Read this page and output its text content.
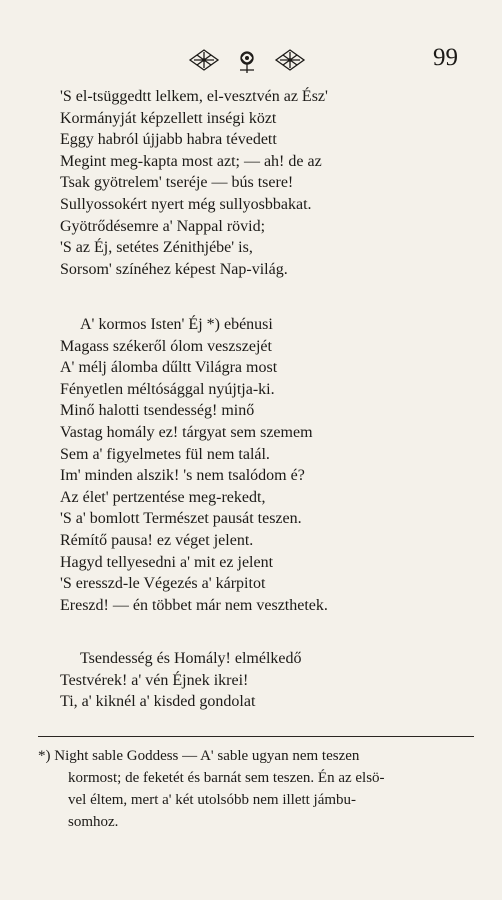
99
'S el-tsüggedtt lelkem, el-vesztvén az Ész'
Kormányját képzellett inségi közt
Eggy habról újjabb habra tévedett
Megint meg-kapta most azt; — ah! de az
Tsak gyötrelem' tseréje — bús tsere!
Sullyossokért nyert még sullyosbbakat.
Gyötrődésemre a' Nappal rövid;
'S az Éj, setétes Zénithjébe' is,
Sorsom' színéhez képest Nap-világ.
A' kormos Isten' Éj *) ebénusi
Magass székeről ólom veszszejét
A' mélj álomba dűltt Világra most
Fényetlen méltósággal nyújtja-ki.
Minő halotti tsendesség! minő
Vastag homály ez! tárgyat sem szemem
Sem a' figyelmetes fül nem talál.
Im' minden alszik! 's nem tsalódom é?
Az élet' pertzentése meg-rekedt,
'S a' bomlott Természet pausát teszen.
Rémítő pausa! ez véget jelent.
Hagyd tellyesedni a' mit ez jelent
'S eresszd-le Végezés a' kárpitot
Ereszd! — én többet már nem veszthetek.
Tsendesség és Homály! elmélkedő
Testvérek! a' vén Éjnek ikrei!
Ti, a' kiknél a' kisded gondolat
*) Night sable Goddess — A' sable ugyan nem teszen
kormost; de feketét és barnát sem teszen. Én az elsö-
vel éltem, mert a' két utolsóbb nem illett jámbu-
somhoz.
